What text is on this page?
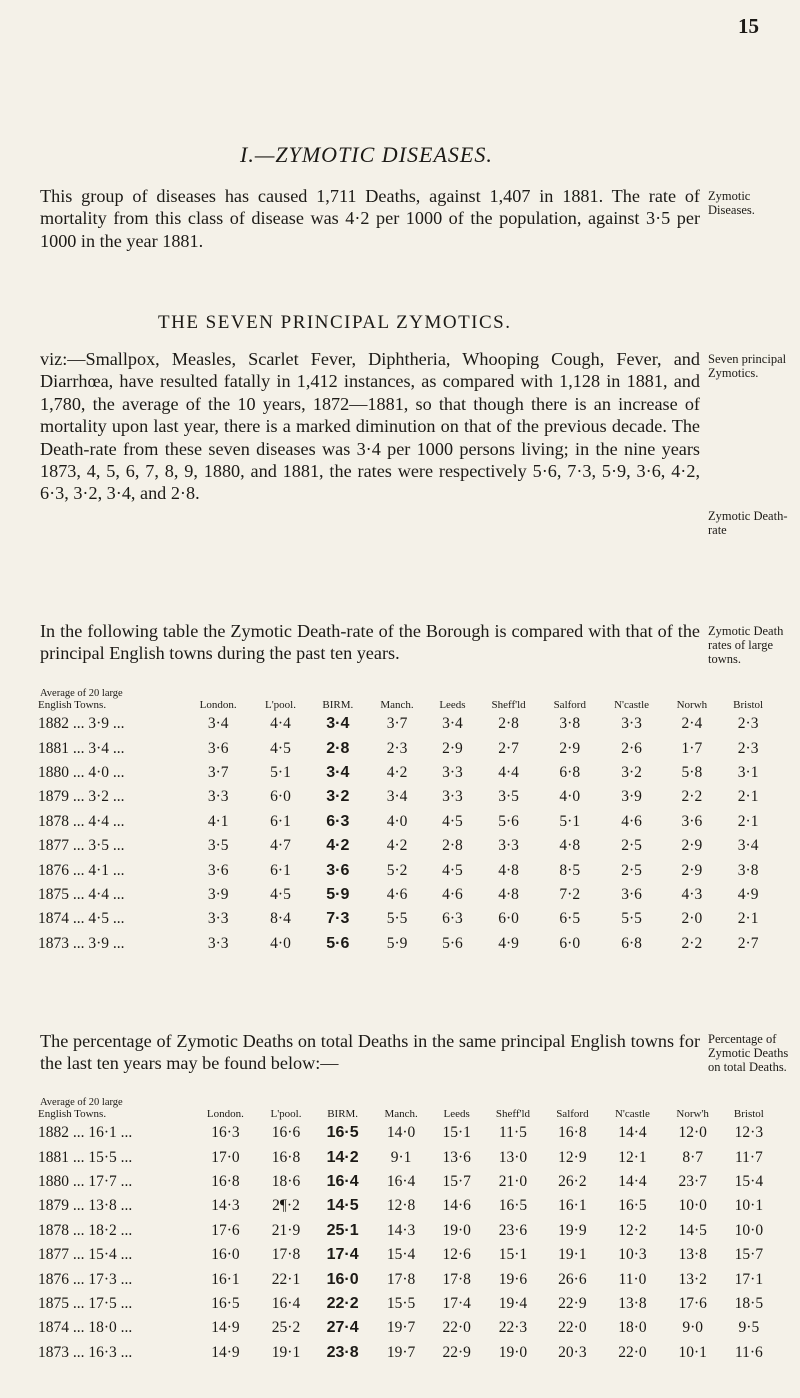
15
I.—ZYMOTIC DISEASES.
This group of diseases has caused 1,711 Deaths, against 1,407 in 1881. The rate of mortality from this class of disease was 4·2 per 1000 of the population, against 3·5 per 1000 in the year 1881.
Zymotic Diseases.
THE SEVEN PRINCIPAL ZYMOTICS.
viz:—Smallpox, Measles, Scarlet Fever, Diphtheria, Whooping Cough, Fever, and Diarrhœa, have resulted fatally in 1,412 instances, as compared with 1,128 in 1881, and 1,780, the average of the 10 years, 1872—1881, so that though there is an increase of mortality upon last year, there is a marked diminution on that of the previous decade. The Death-rate from these seven diseases was 3·4 per 1000 persons living; in the nine years 1873, 4, 5, 6, 7, 8, 9, 1880, and 1881, the rates were respectively 5·6, 7·3, 5·9, 3·6, 4·2, 6·3, 3·2, 3·4, and 2·8.
Seven principal Zymotics.
Zymotic Death-rate
In the following table the Zymotic Death-rate of the Borough is compared with that of the principal English towns during the past ten years.
Zymotic Death rates of large towns.
Average of 20 large
English Towns.	London.	L'pool.	BIRM.	Manch.	Leeds	Sheff'ld	Salford	N'castle	Norwh	Bristol
1882 ... 3·9 ...	3·4	4·4	3·4	3·7	3·4	2·8	3·8	3·3	2·4	2·3
1881 ... 3·4 ...	3·6	4·5	2·8	2·3	2·9	2·7	2·9	2·6	1·7	2·3
1880 ... 4·0 ...	3·7	5·1	3·4	4·2	3·3	4·4	6·8	3·2	5·8	3·1
1879 ... 3·2 ...	3·3	6·0	3·2	3·4	3·3	3·5	4·0	3·9	2·2	2·1
1878 ... 4·4 ...	4·1	6·1	6·3	4·0	4·5	5·6	5·1	4·6	3·6	2·1
1877 ... 3·5 ...	3·5	4·7	4·2	4·2	2·8	3·3	4·8	2·5	2·9	3·4
1876 ... 4·1 ...	3·6	6·1	3·6	5·2	4·5	4·8	8·5	2·5	2·9	3·8
1875 ... 4·4 ...	3·9	4·5	5·9	4·6	4·6	4·8	7·2	3·6	4·3	4·9
1874 ... 4·5 ...	3·3	8·4	7·3	5·5	6·3	6·0	6·5	5·5	2·0	2·1
1873 ... 3·9 ...	3·3	4·0	5·6	5·9	5·6	4·9	6·0	6·8	2·2	2·7
The percentage of Zymotic Deaths on total Deaths in the same principal English towns for the last ten years may be found below:—
Percentage of Zymotic Deaths on total Deaths.
Average of 20 large
English Towns.	London.	L'pool.	BIRM.	Manch.	Leeds	Sheff'ld	Salford	N'castle	Norw'h	Bristol
1882 ... 16·1 ...	16·3	16·6	16·5	14·0	15·1	11·5	16·8	14·4	12·0	12·3
1881 ... 15·5 ...	17·0	16·8	14·2	9·1	13·6	13·0	12·9	12·1	8·7	11·7
1880 ... 17·7 ...	16·8	18·6	16·4	16·4	15·7	21·0	26·2	14·4	23·7	15·4
1879 ... 13·8 ...	14·3	2¶·2	14·5	12·8	14·6	16·5	16·1	16·5	10·0	10·1
1878 ... 18·2 ...	17·6	21·9	25·1	14·3	19·0	23·6	19·9	12·2	14·5	10·0
1877 ... 15·4 ...	16·0	17·8	17·4	15·4	12·6	15·1	19·1	10·3	13·8	15·7
1876 ... 17·3 ...	16·1	22·1	16·0	17·8	17·8	19·6	26·6	11·0	13·2	17·1
1875 ... 17·5 ...	16·5	16·4	22·2	15·5	17·4	19·4	22·9	13·8	17·6	18·5
1874 ... 18·0 ...	14·9	25·2	27·4	19·7	22·0	22·3	22·0	18·0	9·0	9·5
1873 ... 16·3 ...	14·9	19·1	23·8	19·7	22·9	19·0	20·3	22·0	10·1	11·6
